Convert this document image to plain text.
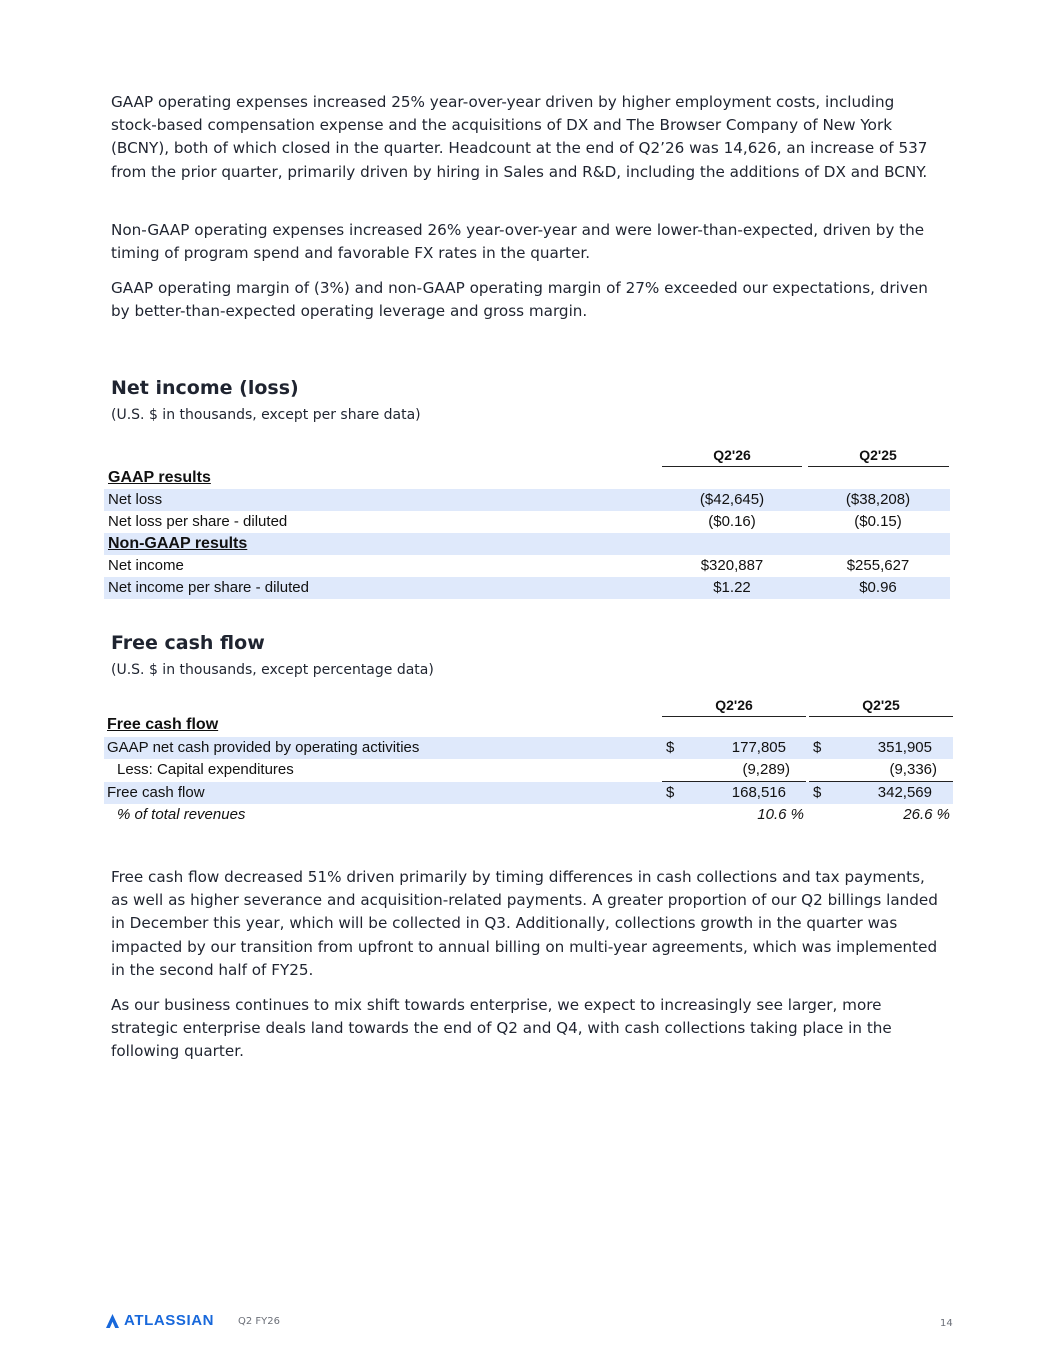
GAAP operating expenses increased 25% year-over-year driven by higher employment costs, including stock-based compensation expense and the acquisitions of DX and The Browser Company of New York (BCNY), both of which closed in the quarter. Headcount at the end of Q2’26 was 14,626, an increase of 537 from the prior quarter, primarily driven by hiring in Sales and R&D, including the additions of DX and BCNY.

Non-GAAP operating expenses increased 26% year-over-year and were lower-than-expected, driven by the timing of program spend and favorable FX rates in the quarter.

GAAP operating margin of (3%) and non-GAAP operating margin of 27% exceeded our expectations, driven by better-than-expected operating leverage and gross margin.

Net income (loss)

(U.S. $ in thousands, except per share data)

Q2'26	Q2'25
GAAP results
Net loss	($42,645)	($38,208)
Net loss per share - diluted	($0.16)	($0.15)
Non-GAAP results
Net income	$320,887	$255,627
Net income per share - diluted	$1.22	$0.96
Free cash flow

(U.S. $ in thousands, except percentage data)

Q2'26	Q2'25
Free cash flow
GAAP net cash provided by operating activities	$	177,805 $	351,905
Less: Capital expenditures	(9,289)	(9,336)
Free cash flow	$	168,516 $	342,569
% of total revenues	10.6 %	26.6 %

Free cash flow decreased 51% driven primarily by timing differences in cash collections and tax payments, as well as higher severance and acquisition-related payments. A greater proportion of our Q2 billings landed in December this year, which will be collected in Q3. Additionally, collections growth in the quarter was impacted by our transition from upfront to annual billing on multi-year agreements, which was implemented in the second half of FY25.

As our business continues to mix shift towards enterprise, we expect to increasingly see larger, more strategic enterprise deals land towards the end of Q2 and Q4, with cash collections taking place in the following quarter.

ATLASSIAN Q2 FY26	14
